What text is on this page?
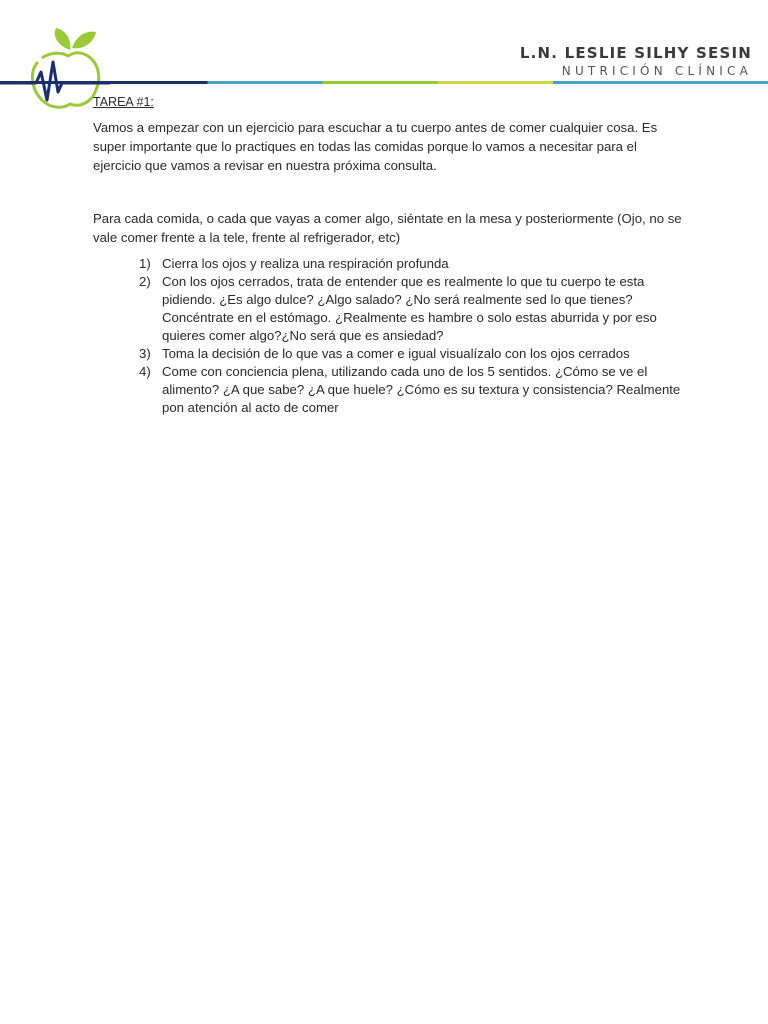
L.N. LESLIE SILHY SESIN
NUTRICIÓN CLÍNICA

TAREA #1:

Vamos a empezar con un ejercicio para escuchar a tu cuerpo antes de comer cualquier cosa. Es super importante que lo practiques en todas las comidas porque lo vamos a necesitar para el ejercicio que vamos a revisar en nuestra próxima consulta.

Para cada comida, o cada que vayas a comer algo, siéntate en la mesa y posteriormente (Ojo, no se vale comer frente a la tele, frente al refrigerador, etc)

1) Cierra los ojos y realiza una respiración profunda
2) Con los ojos cerrados, trata de entender que es realmente lo que tu cuerpo te esta pidiendo. ¿Es algo dulce? ¿Algo salado? ¿No será realmente sed lo que tienes? Concéntrate en el estómago. ¿Realmente es hambre o solo estas aburrida y por eso quieres comer algo?¿No será que es ansiedad?
3) Toma la decisión de lo que vas a comer e igual visualízalo con los ojos cerrados
4) Come con conciencia plena, utilizando cada uno de los 5 sentidos. ¿Cómo se ve el alimento? ¿A que sabe? ¿A que huele? ¿Cómo es su textura y consistencia? Realmente pon atención al acto de comer
